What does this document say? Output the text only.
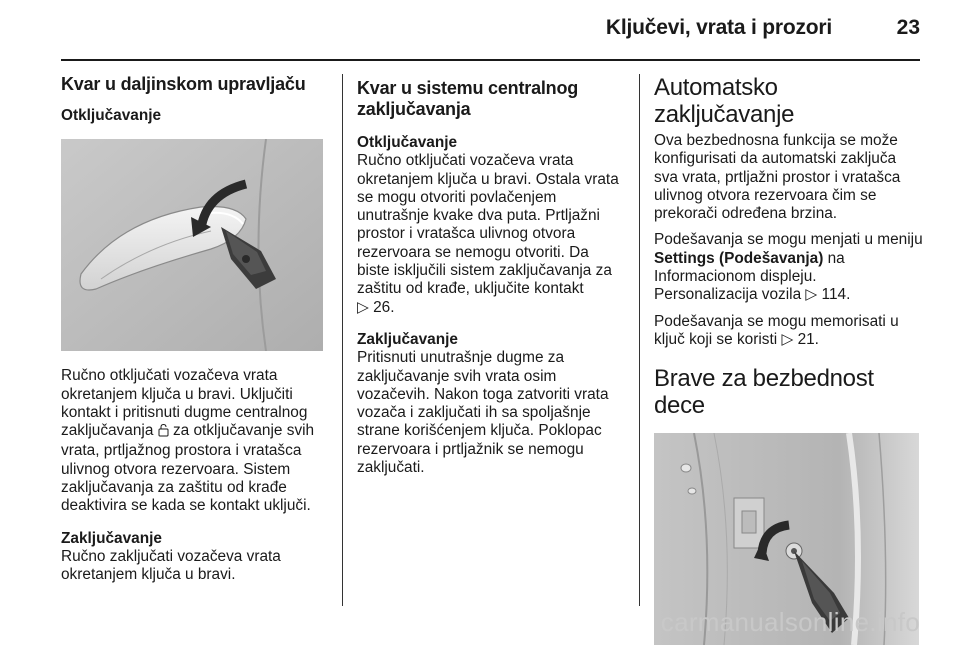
Ključevi, vrata i prozori	23
Kvar u daljinskom upravljaču
Otključavanje

Ručno otključati vozačeva vrata okretanjem ključa u bravi. Uključiti kontakt i pritisnuti dugme centralnog zaključavanja  za otključavanje svih vrata, prtljažnog prostora i vratašca ulivnog otvora rezervoara. Sistem zaključavanja za zaštitu od krađe deaktivira se kada se kontakt uključi.

Zaključavanje

Ručno zaključati vozačeva vrata okretanjem ključa u bravi.

Kvar u sistemu centralnog zaključavanja
Otključavanje

Ručno otključati vozačeva vrata okretanjem ključa u bravi. Ostala vrata se mogu otvoriti povlačenjem unutrašnje kvake dva puta. Prtljažni prostor i vratašca ulivnog otvora rezervoara se nemogu otvoriti. Da biste isključili sistem zaključavanja za zaštitu od krađe, uključite kontakt
▷ 26.

Zaključavanje

Pritisnuti unutrašnje dugme za zaključavanje svih vrata osim vozačevih. Nakon toga zatvoriti vrata vozača i zaključati ih sa spoljašnje strane korišćenjem ključa. Poklopac rezervoara i prtljažnik se nemogu zaključati.

Automatsko zaključavanje

Ova bezbednosna funkcija se može konfigurisati da automatski zaključa sva vrata, prtljažni prostor i vratašca ulivnog otvora rezervoara čim se prekorači određena brzina.

Podešavanja se mogu menjati u meniju Settings (Podešavanja) na Informacionom displeju.
Personalizacija vozila ▷ 114.

Podešavanja se mogu memorisati u ključ koji se koristi ▷ 21.

Brave za bezbednost dece
carmanualsonline.info
